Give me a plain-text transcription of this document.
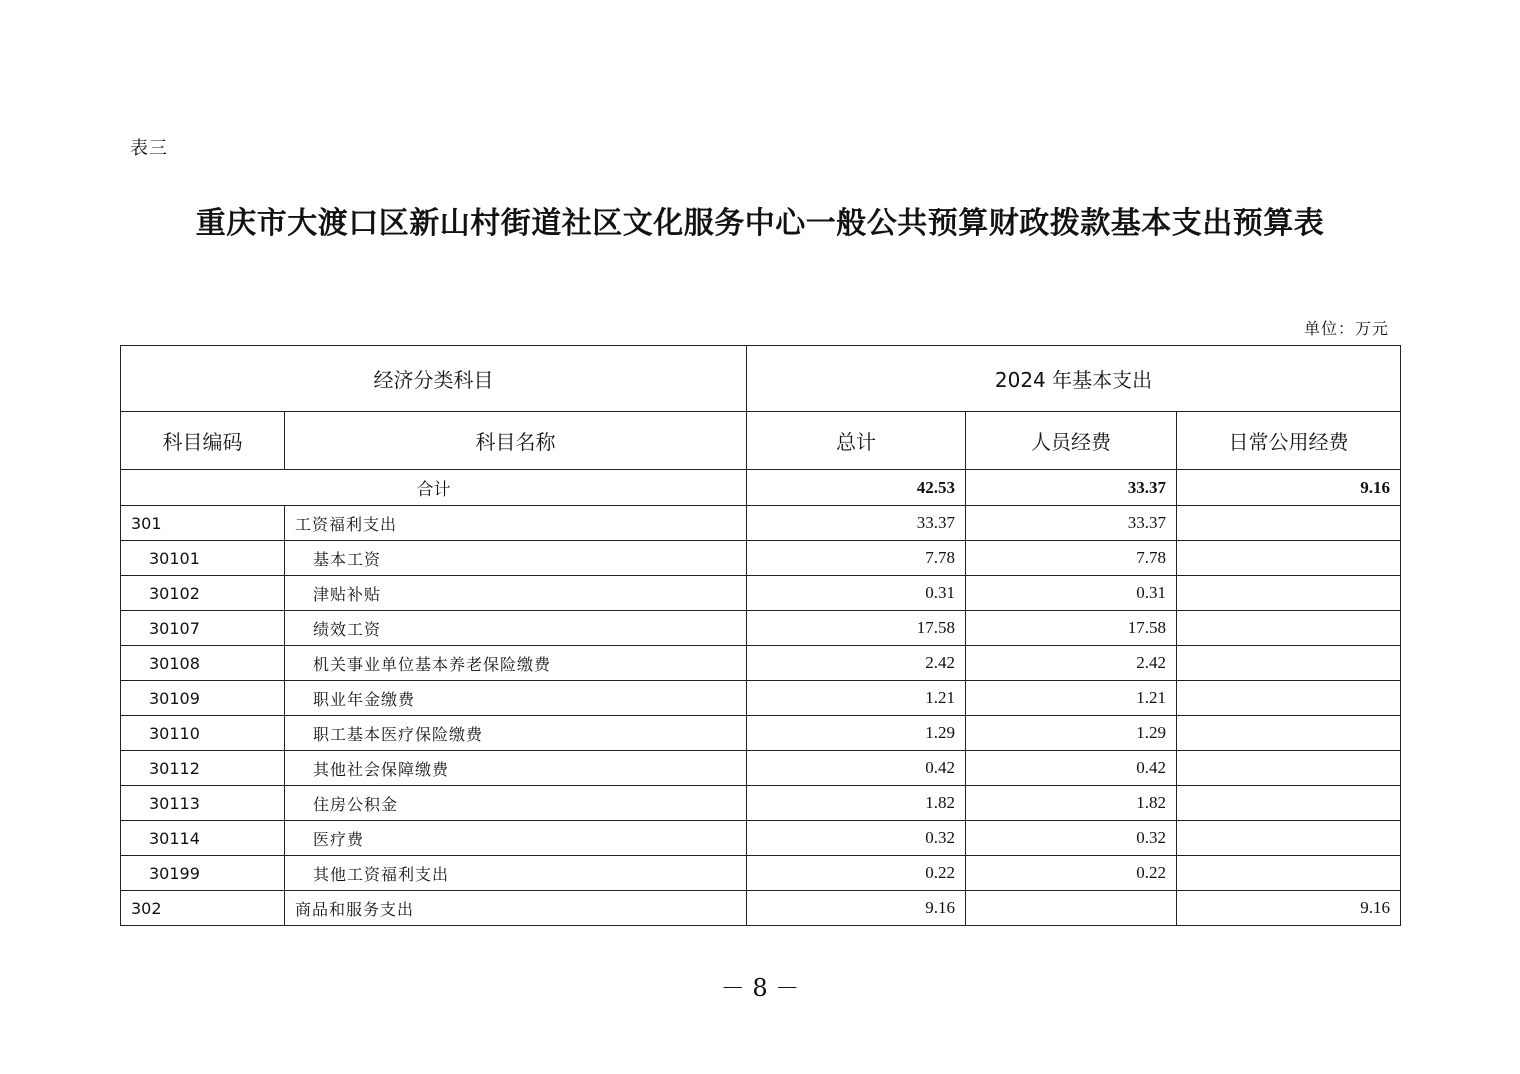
表三
重庆市大渡口区新山村街道社区文化服务中心一般公共预算财政拨款基本支出预算表
单位：万元
经济分类科目		2024 年基本支出		
科目编码	科目名称	总计	人员经费	日常公用经费
合计		42.53	33.37	9.16
301	工资福利支出	33.37	33.37	
30101	基本工资	7.78	7.78	
30102	津贴补贴	0.31	0.31	
30107	绩效工资	17.58	17.58	
30108	机关事业单位基本养老保险缴费	2.42	2.42	
30109	职业年金缴费	1.21	1.21	
30110	职工基本医疗保险缴费	1.29	1.29	
30112	其他社会保障缴费	0.42	0.42	
30113	住房公积金	1.82	1.82	
30114	医疗费	0.32	0.32	
30199	其他工资福利支出	0.22	0.22	
302	商品和服务支出	9.16		9.16
－ 8 －
